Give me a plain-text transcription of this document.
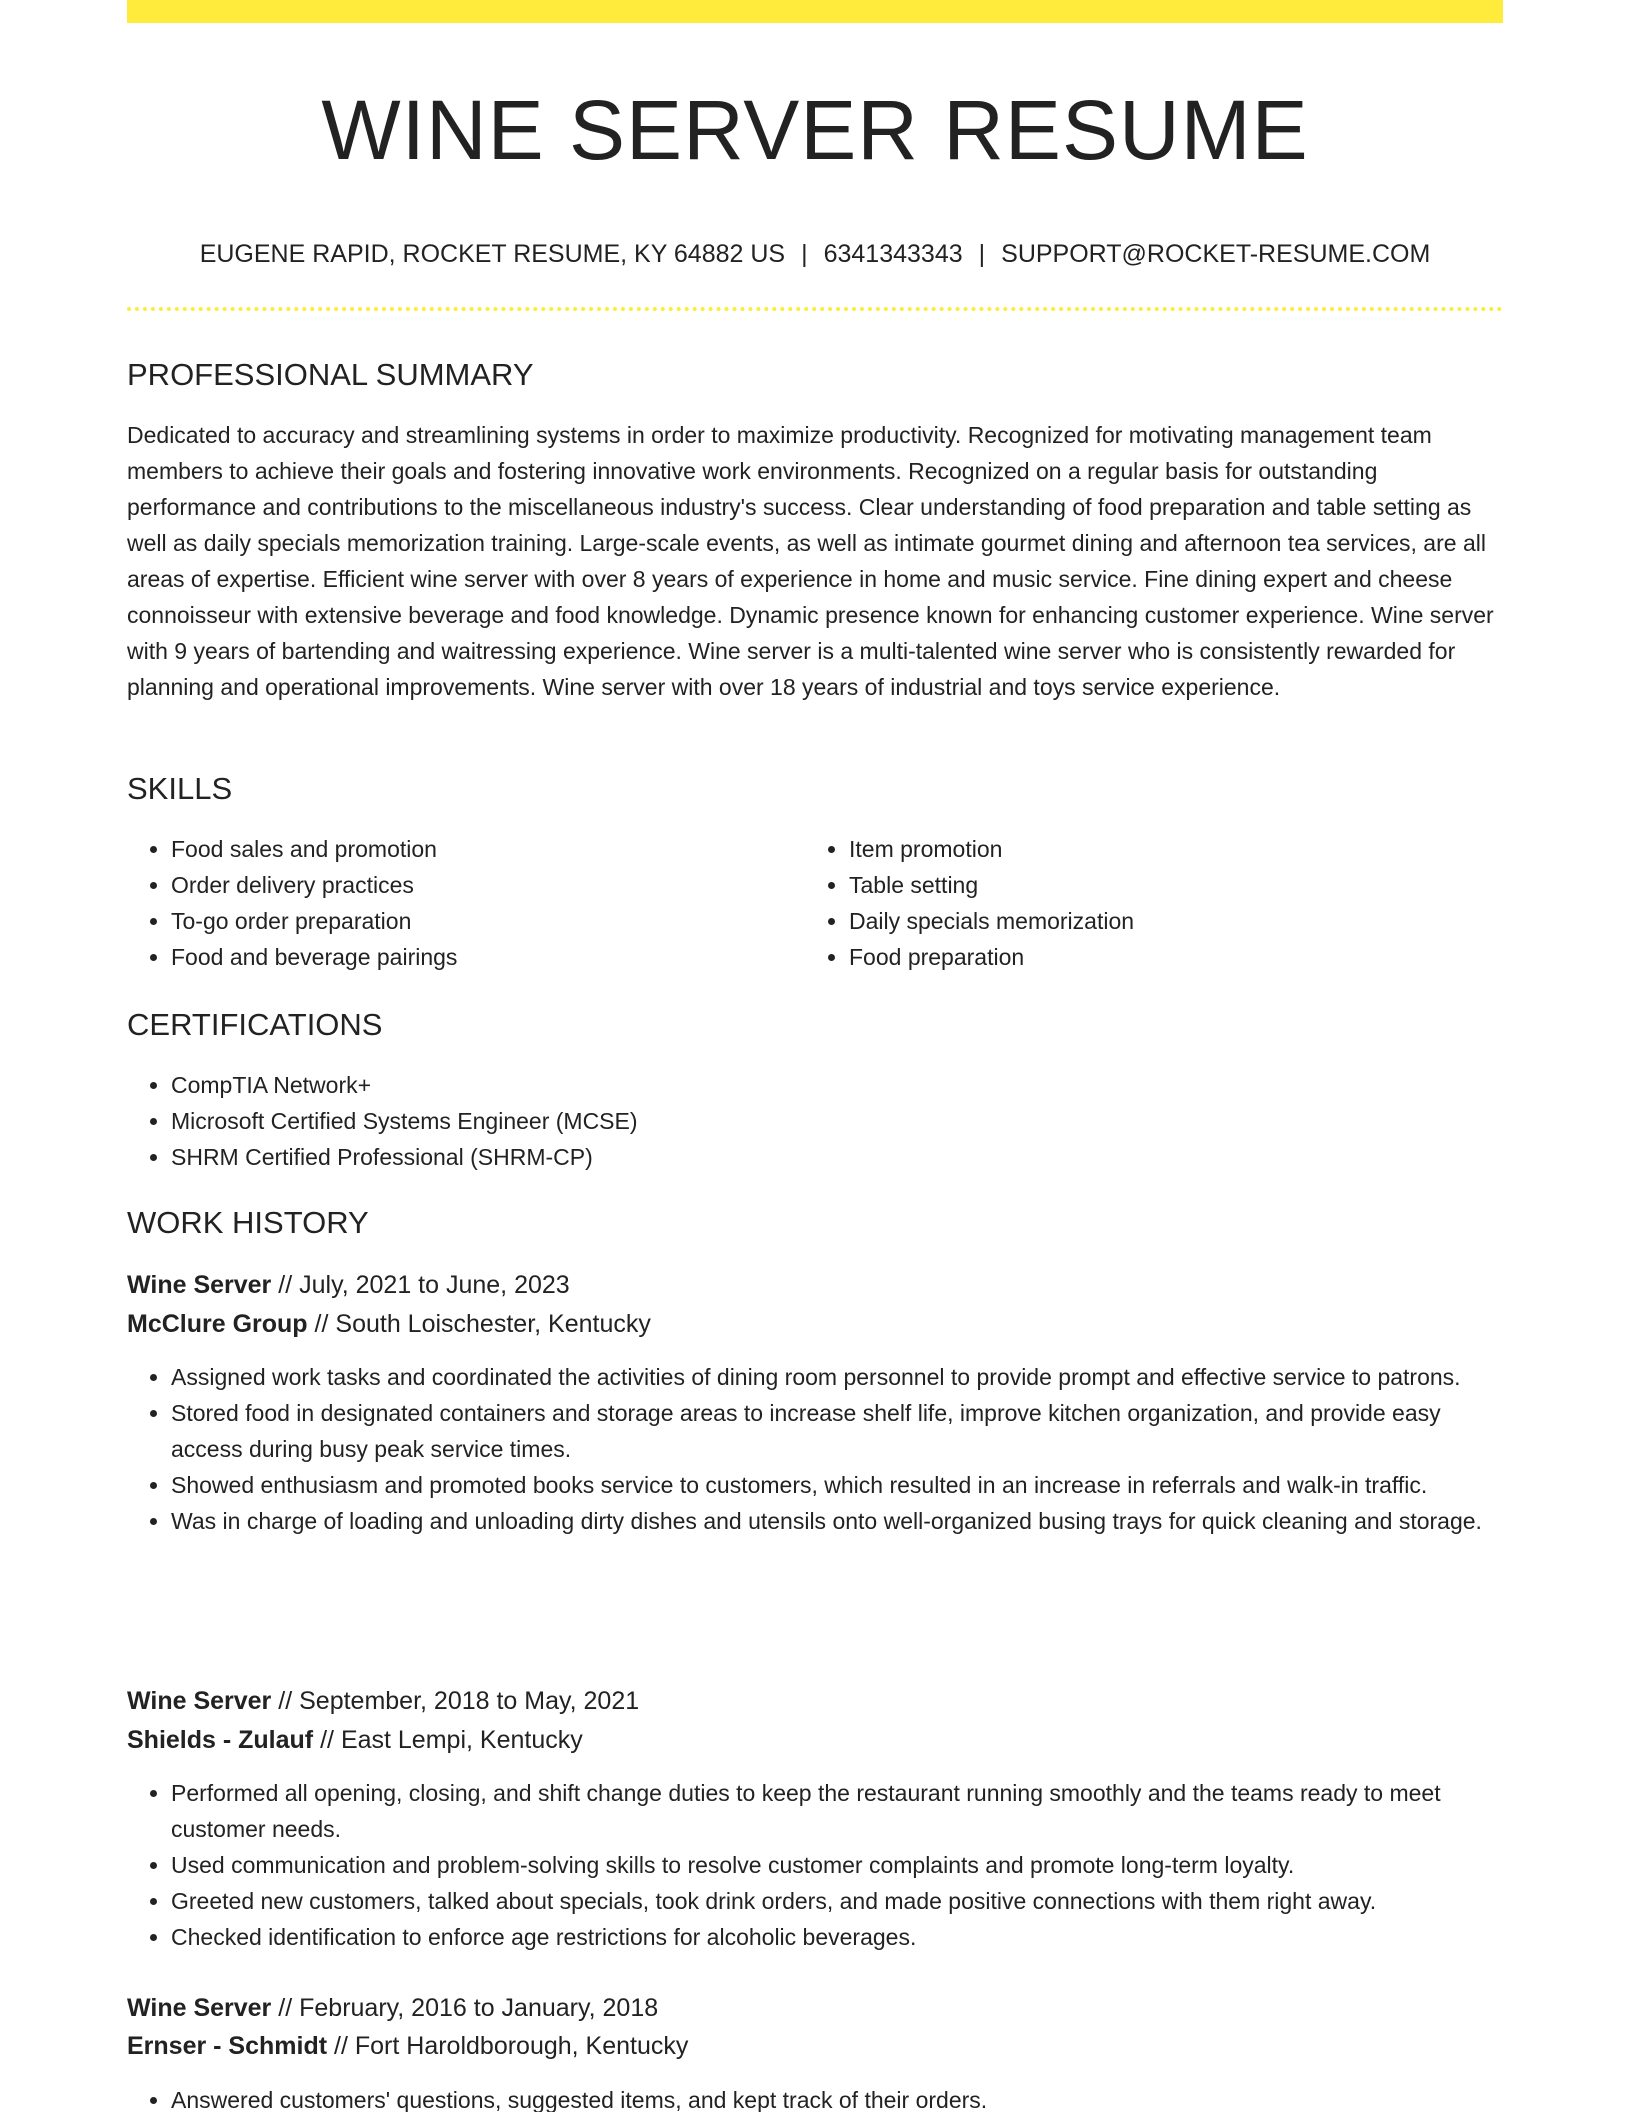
WINE SERVER RESUME
EUGENE RAPID, ROCKET RESUME, KY 64882 US | 6341343343 | SUPPORT@ROCKET-RESUME.COM
PROFESSIONAL SUMMARY

Dedicated to accuracy and streamlining systems in order to maximize productivity. Recognized for motivating management team members to achieve their goals and fostering innovative work environments. Recognized on a regular basis for outstanding performance and contributions to the miscellaneous industry's success. Clear understanding of food preparation and table setting as well as daily specials memorization training. Large-scale events, as well as intimate gourmet dining and afternoon tea services, are all areas of expertise. Efficient wine server with over 8 years of experience in home and music service. Fine dining expert and cheese connoisseur with extensive beverage and food knowledge. Dynamic presence known for enhancing customer experience. Wine server with 9 years of bartending and waitressing experience. Wine server is a multi-talented wine server who is consistently rewarded for planning and operational improvements. Wine server with over 18 years of industrial and toys service experience.

SKILLS
• Food sales and promotion
• Order delivery practices
• To-go order preparation
• Food and beverage pairings
• Item promotion
• Table setting
• Daily specials memorization
• Food preparation
CERTIFICATIONS
• CompTIA Network+
• Microsoft Certified Systems Engineer (MCSE)
• SHRM Certified Professional (SHRM-CP)
WORK HISTORY
Wine Server // July, 2021 to June, 2023
McClure Group // South Loischester, Kentucky
• Assigned work tasks and coordinated the activities of dining room personnel to provide prompt and effective service to patrons.
• Stored food in designated containers and storage areas to increase shelf life, improve kitchen organization, and provide easy access during busy peak service times.
• Showed enthusiasm and promoted books service to customers, which resulted in an increase in referrals and walk-in traffic.
• Was in charge of loading and unloading dirty dishes and utensils onto well-organized busing trays for quick cleaning and storage.
Wine Server // September, 2018 to May, 2021
Shields - Zulauf // East Lempi, Kentucky
• Performed all opening, closing, and shift change duties to keep the restaurant running smoothly and the teams ready to meet customer needs.
• Used communication and problem-solving skills to resolve customer complaints and promote long-term loyalty.
• Greeted new customers, talked about specials, took drink orders, and made positive connections with them right away.
• Checked identification to enforce age restrictions for alcoholic beverages.
Wine Server // February, 2016 to January, 2018
Ernser - Schmidt // Fort Haroldborough, Kentucky
• Answered customers' questions, suggested items, and kept track of their orders.
